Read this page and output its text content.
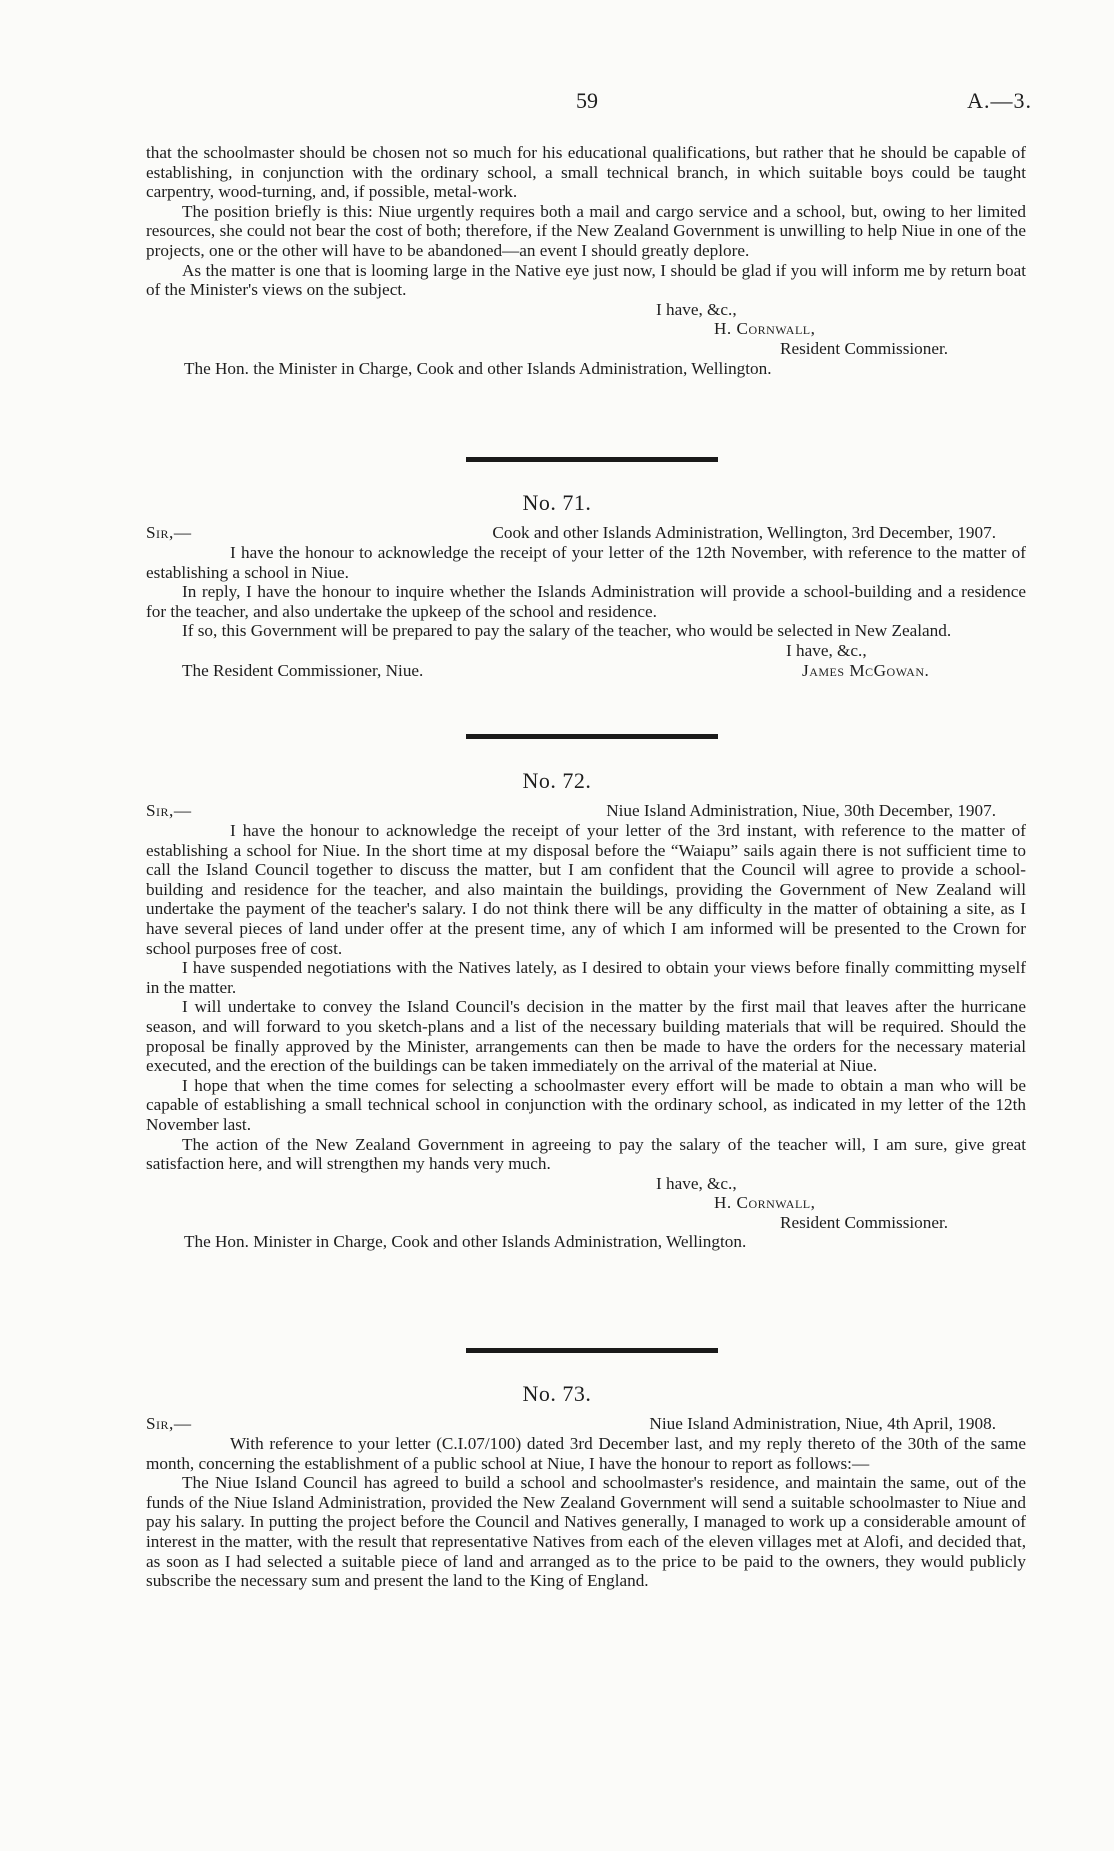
59	A.—3.

that the schoolmaster should be chosen not so much for his educational qualifications, but rather that he should be capable of establishing, in conjunction with the ordinary school, a small technical branch, in which suitable boys could be taught carpentry, wood-turning, and, if possible, metal-work.

The position briefly is this: Niue urgently requires both a mail and cargo service and a school, but, owing to her limited resources, she could not bear the cost of both; therefore, if the New Zealand Government is unwilling to help Niue in one of the projects, one or the other will have to be abandoned—an event I should greatly deplore.

As the matter is one that is looming large in the Native eye just now, I should be glad if you will inform me by return boat of the Minister's views on the subject.

I have, &c.,

H. Cornwall,

Resident Commissioner.

The Hon. the Minister in Charge, Cook and other Islands Administration, Wellington.

No. 71.
Sir,—	Cook and other Islands Administration, Wellington, 3rd December, 1907.

I have the honour to acknowledge the receipt of your letter of the 12th November, with reference to the matter of establishing a school in Niue.

In reply, I have the honour to inquire whether the Islands Administration will provide a school-building and a residence for the teacher, and also undertake the upkeep of the school and residence.

If so, this Government will be prepared to pay the salary of the teacher, who would be selected in New Zealand.

I have, &c.,
The Resident Commissioner, Niue.	James McGowan.
No. 72.
Sir,—	Niue Island Administration, Niue, 30th December, 1907.

I have the honour to acknowledge the receipt of your letter of the 3rd instant, with reference to the matter of establishing a school for Niue. In the short time at my disposal before the “Waiapu” sails again there is not sufficient time to call the Island Council together to discuss the matter, but I am confident that the Council will agree to provide a school-building and residence for the teacher, and also maintain the buildings, providing the Government of New Zealand will undertake the payment of the teacher's salary. I do not think there will be any difficulty in the matter of obtaining a site, as I have several pieces of land under offer at the present time, any of which I am informed will be presented to the Crown for school purposes free of cost.

I have suspended negotiations with the Natives lately, as I desired to obtain your views before finally committing myself in the matter.

I will undertake to convey the Island Council's decision in the matter by the first mail that leaves after the hurricane season, and will forward to you sketch-plans and a list of the necessary building materials that will be required. Should the proposal be finally approved by the Minister, arrangements can then be made to have the orders for the necessary material executed, and the erection of the buildings can be taken immediately on the arrival of the material at Niue.

I hope that when the time comes for selecting a schoolmaster every effort will be made to obtain a man who will be capable of establishing a small technical school in conjunction with the ordinary school, as indicated in my letter of the 12th November last.

The action of the New Zealand Government in agreeing to pay the salary of the teacher will, I am sure, give great satisfaction here, and will strengthen my hands very much.

I have, &c.,

H. Cornwall,

Resident Commissioner.

The Hon. Minister in Charge, Cook and other Islands Administration, Wellington.

No. 73.
Sir,—	Niue Island Administration, Niue, 4th April, 1908.

With reference to your letter (C.I.07/100) dated 3rd December last, and my reply thereto of the 30th of the same month, concerning the establishment of a public school at Niue, I have the honour to report as follows:—

The Niue Island Council has agreed to build a school and schoolmaster's residence, and maintain the same, out of the funds of the Niue Island Administration, provided the New Zealand Government will send a suitable schoolmaster to Niue and pay his salary. In putting the project before the Council and Natives generally, I managed to work up a considerable amount of interest in the matter, with the result that representative Natives from each of the eleven villages met at Alofi, and decided that, as soon as I had selected a suitable piece of land and arranged as to the price to be paid to the owners, they would publicly subscribe the necessary sum and present the land to the King of England.
